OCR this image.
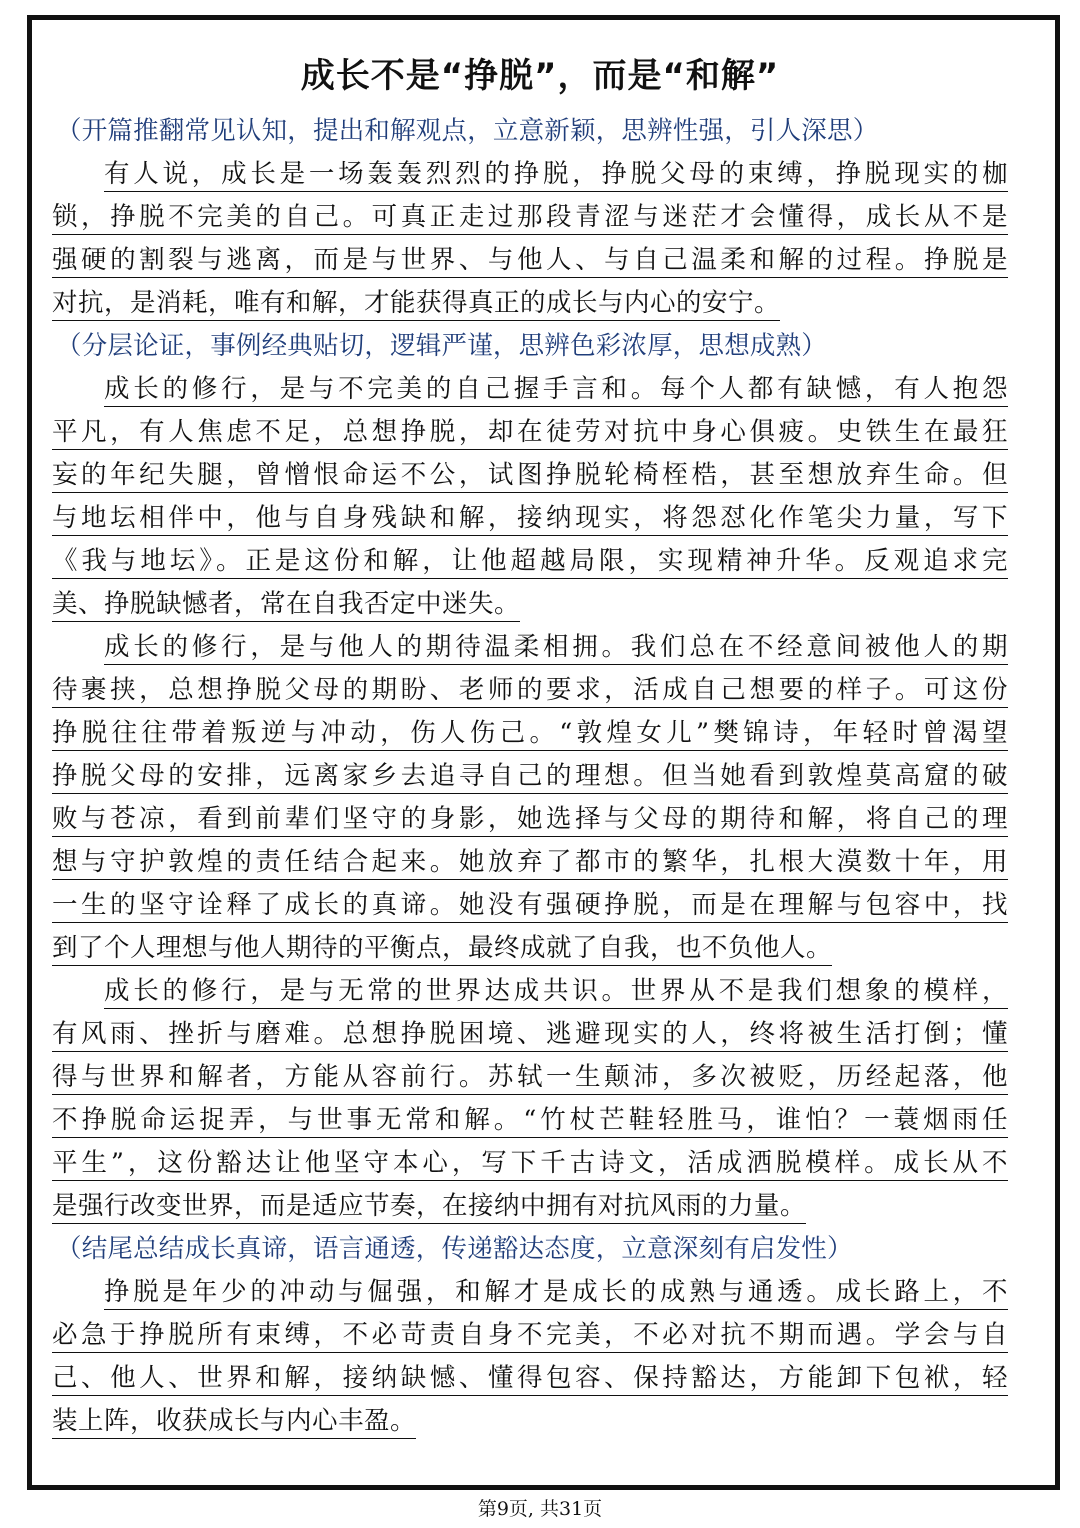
成长不是“挣脱”，而是“和解”
（开篇推翻常见认知，提出和解观点，立意新颖，思辨性强，引人深思）
有人说，成长是一场轰轰烈烈的挣脱，挣脱父母的束缚，挣脱现实的枷
锁，挣脱不完美的自己。可真正走过那段青涩与迷茫才会懂得，成长从不是
强硬的割裂与逃离，而是与世界、与他人、与自己温柔和解的过程。挣脱是
对抗，是消耗，唯有和解，才能获得真正的成长与内心的安宁。
（分层论证，事例经典贴切，逻辑严谨，思辨色彩浓厚，思想成熟）
成长的修行，是与不完美的自己握手言和。每个人都有缺憾，有人抱怨
平凡，有人焦虑不足，总想挣脱，却在徒劳对抗中身心俱疲。史铁生在最狂
妄的年纪失腿，曾憎恨命运不公，试图挣脱轮椅桎梏，甚至想放弃生命。但
与地坛相伴中，他与自身残缺和解，接纳现实，将怨怼化作笔尖力量，写下
《我与地坛》。正是这份和解，让他超越局限，实现精神升华。反观追求完
美、挣脱缺憾者，常在自我否定中迷失。
成长的修行，是与他人的期待温柔相拥。我们总在不经意间被他人的期
待裹挟，总想挣脱父母的期盼、老师的要求，活成自己想要的样子。可这份
挣脱往往带着叛逆与冲动，伤人伤己。“敦煌女儿”樊锦诗，年轻时曾渴望
挣脱父母的安排，远离家乡去追寻自己的理想。但当她看到敦煌莫高窟的破
败与苍凉，看到前辈们坚守的身影，她选择与父母的期待和解，将自己的理
想与守护敦煌的责任结合起来。她放弃了都市的繁华，扎根大漠数十年，用
一生的坚守诠释了成长的真谛。她没有强硬挣脱，而是在理解与包容中，找
到了个人理想与他人期待的平衡点，最终成就了自我，也不负他人。
成长的修行，是与无常的世界达成共识。世界从不是我们想象的模样，
有风雨、挫折与磨难。总想挣脱困境、逃避现实的人，终将被生活打倒；懂
得与世界和解者，方能从容前行。苏轼一生颠沛，多次被贬，历经起落，他
不挣脱命运捉弄，与世事无常和解。“竹杖芒鞋轻胜马，谁怕？一蓑烟雨任
平生”，这份豁达让他坚守本心，写下千古诗文，活成洒脱模样。成长从不
是强行改变世界，而是适应节奏，在接纳中拥有对抗风雨的力量。
（结尾总结成长真谛，语言通透，传递豁达态度，立意深刻有启发性）
挣脱是年少的冲动与倔强，和解才是成长的成熟与通透。成长路上，不
必急于挣脱所有束缚，不必苛责自身不完美，不必对抗不期而遇。学会与自
己、他人、世界和解，接纳缺憾、懂得包容、保持豁达，方能卸下包袱，轻
装上阵，收获成长与内心丰盈。
第9页, 共31页
